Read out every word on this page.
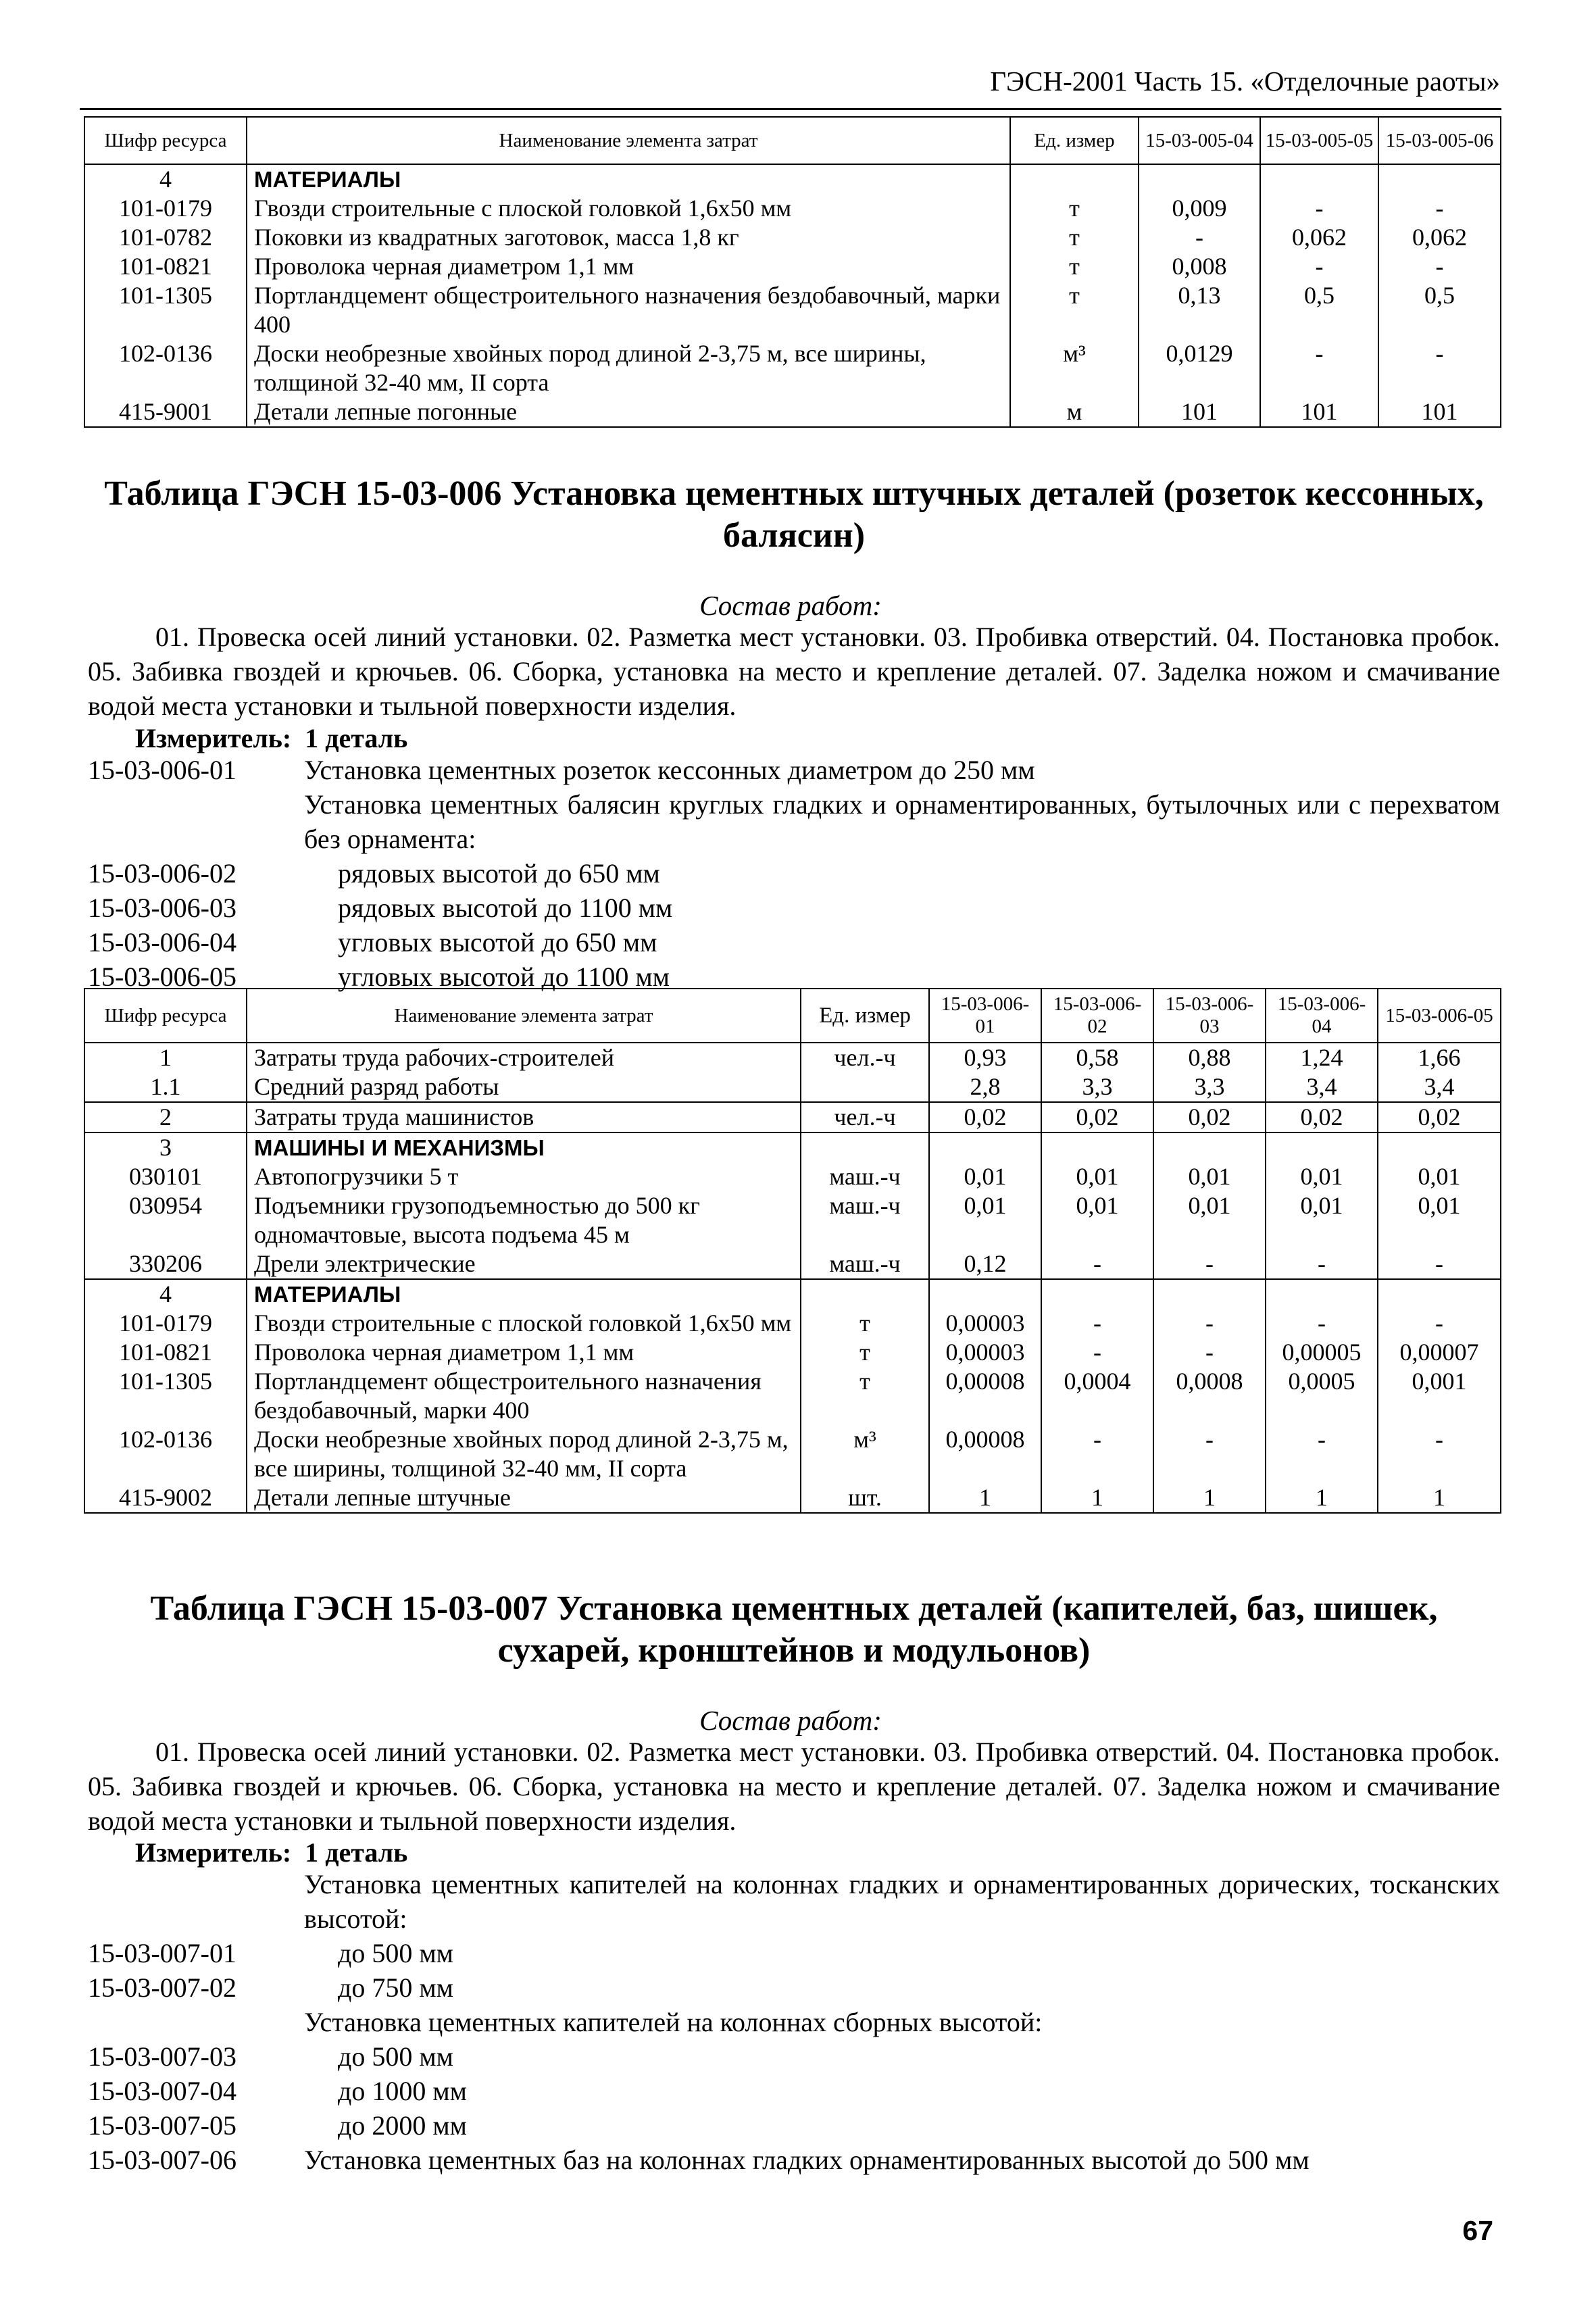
ГЭСН-2001 Часть 15. «Отделочные раоты»
Шифр ресурса	Наименование элемента затрат	Ед. измер	15-03-005-04	15-03-005-05	15-03-005-06
4	МАТЕРИАЛЫ				
101-0179	Гвозди строительные с плоской головкой 1,6х50 мм	т	0,009	-	-
101-0782	Поковки из квадратных заготовок, масса 1,8 кг	т	-	0,062	0,062
101-0821	Проволока черная диаметром 1,1 мм	т	0,008	-	-
101-1305	Портландцемент общестроительного назначения бездобавочный, марки 400	т	0,13	0,5	0,5
102-0136	Доски необрезные хвойных пород длиной 2-3,75 м, все ширины, толщиной 32-40 мм, II сорта	м³	0,0129	-	-
415-9001	Детали лепные погонные	м	101	101	101
Таблица ГЭСН 15-03-006 Установка цементных штучных деталей (розеток кессонных, балясин)
Состав работ:
01. Провеска осей линий установки. 02. Разметка мест установки. 03. Пробивка отверстий. 04. Постановка пробок. 05. Забивка гвоздей и крючьев. 06. Сборка, установка на место и крепление деталей. 07. Заделка ножом и смачивание водой места установки и тыльной поверхности изделия.
Измеритель: 1 деталь
15-03-006-01	Установка цементных розеток кессонных диаметром до 250 мм
Установка цементных балясин круглых гладких и орнаментированных, бутылочных или с перехватом без орнамента:
15-03-006-02	рядовых высотой до 650 мм
15-03-006-03	рядовых высотой до 1100 мм
15-03-006-04	угловых высотой до 650 мм
15-03-006-05	угловых высотой до 1100 мм
Шифр ресурса	Наименование элемента затрат	Ед. измер	15-03-006-01	15-03-006-02	15-03-006-03	15-03-006-04	15-03-006-05
1	Затраты труда рабочих-строителей	чел.-ч	0,93	0,58	0,88	1,24	1,66
1.1	Средний разряд работы		2,8	3,3	3,3	3,4	3,4
2	Затраты труда машинистов	чел.-ч	0,02	0,02	0,02	0,02	0,02
3	МАШИНЫ И МЕХАНИЗМЫ						
030101	Автопогрузчики 5 т	маш.-ч	0,01	0,01	0,01	0,01	0,01
030954	Подъемники грузоподъемностью до 500 кг одномачтовые, высота подъема 45 м	маш.-ч	0,01	0,01	0,01	0,01	0,01
330206	Дрели электрические	маш.-ч	0,12	-	-	-	-
4	МАТЕРИАЛЫ						
101-0179	Гвозди строительные с плоской головкой 1,6х50 мм	т	0,00003	-	-	-	-
101-0821	Проволока черная диаметром 1,1 мм	т	0,00003	-	-	0,00005	0,00007
101-1305	Портландцемент общестроительного назначения бездобавочный, марки 400	т	0,00008	0,0004	0,0008	0,0005	0,001
102-0136	Доски необрезные хвойных пород длиной 2-3,75 м, все ширины, толщиной 32-40 мм, II сорта	м³	0,00008	-	-	-	-
415-9002	Детали лепные штучные	шт.	1	1	1	1	1
Таблица ГЭСН 15-03-007 Установка цементных деталей (капителей, баз, шишек, сухарей, кронштейнов и модульонов)
Состав работ:
01. Провеска осей линий установки. 02. Разметка мест установки. 03. Пробивка отверстий. 04. Постановка пробок. 05. Забивка гвоздей и крючьев. 06. Сборка, установка на место и крепление деталей. 07. Заделка ножом и смачивание водой места установки и тыльной поверхности изделия.
Измеритель: 1 деталь
Установка цементных капителей на колоннах гладких и орнаментированных дорических, тосканских высотой:
15-03-007-01	до 500 мм
15-03-007-02	до 750 мм
Установка цементных капителей на колоннах сборных высотой:
15-03-007-03	до 500 мм
15-03-007-04	до 1000 мм
15-03-007-05	до 2000 мм
15-03-007-06	Установка цементных баз на колоннах гладких орнаментированных высотой до 500 мм
67
